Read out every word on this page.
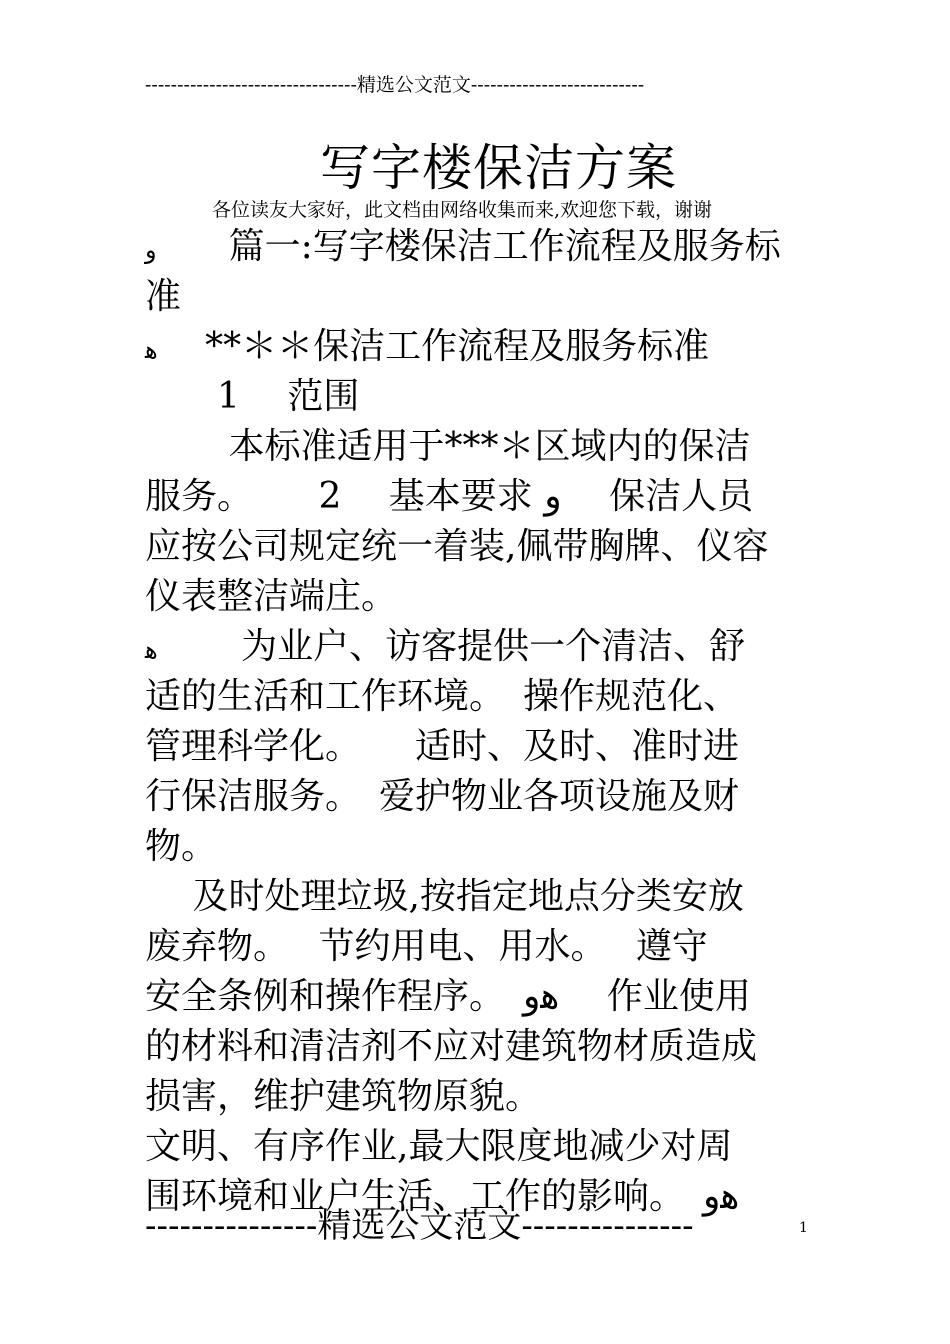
---------------------------------精选公文范文---------------------------
写字楼保洁方案
各位读友大家好，此文档由网络收集而来,欢迎您下载，谢谢
و　　篇一:写字楼保洁工作流程及服务标
准
ﻫ　 **＊＊保洁工作流程及服务标准
　　1　 范围
　　 本标准适用于***＊区域内的保洁
服务。　　 2　 基本要求 و　 保洁人员
应按公司规定统一着装,佩带胸牌、仪容
仪表整洁端庄。
ﻫ　　 为业户、访客提供一个清洁、舒
适的生活和工作环境。　操作规范化、
管理科学化。　　适时、及时、准时进
行保洁服务。　爱护物业各项设施及财
物。
　 及时处理垃圾,按指定地点分类安放
废弃物。　 节约用电、用水。　 遵守
安全条例和操作程序。　ﻫو　 作业使用
的材料和清洁剂不应对建筑物材质造成
损害，维护建筑物原貌。
文明、有序作业,最大限度地减少对周
围环境和业户生活、工作的影响。　ﻫو
---------------精选公文范文---------------	1
